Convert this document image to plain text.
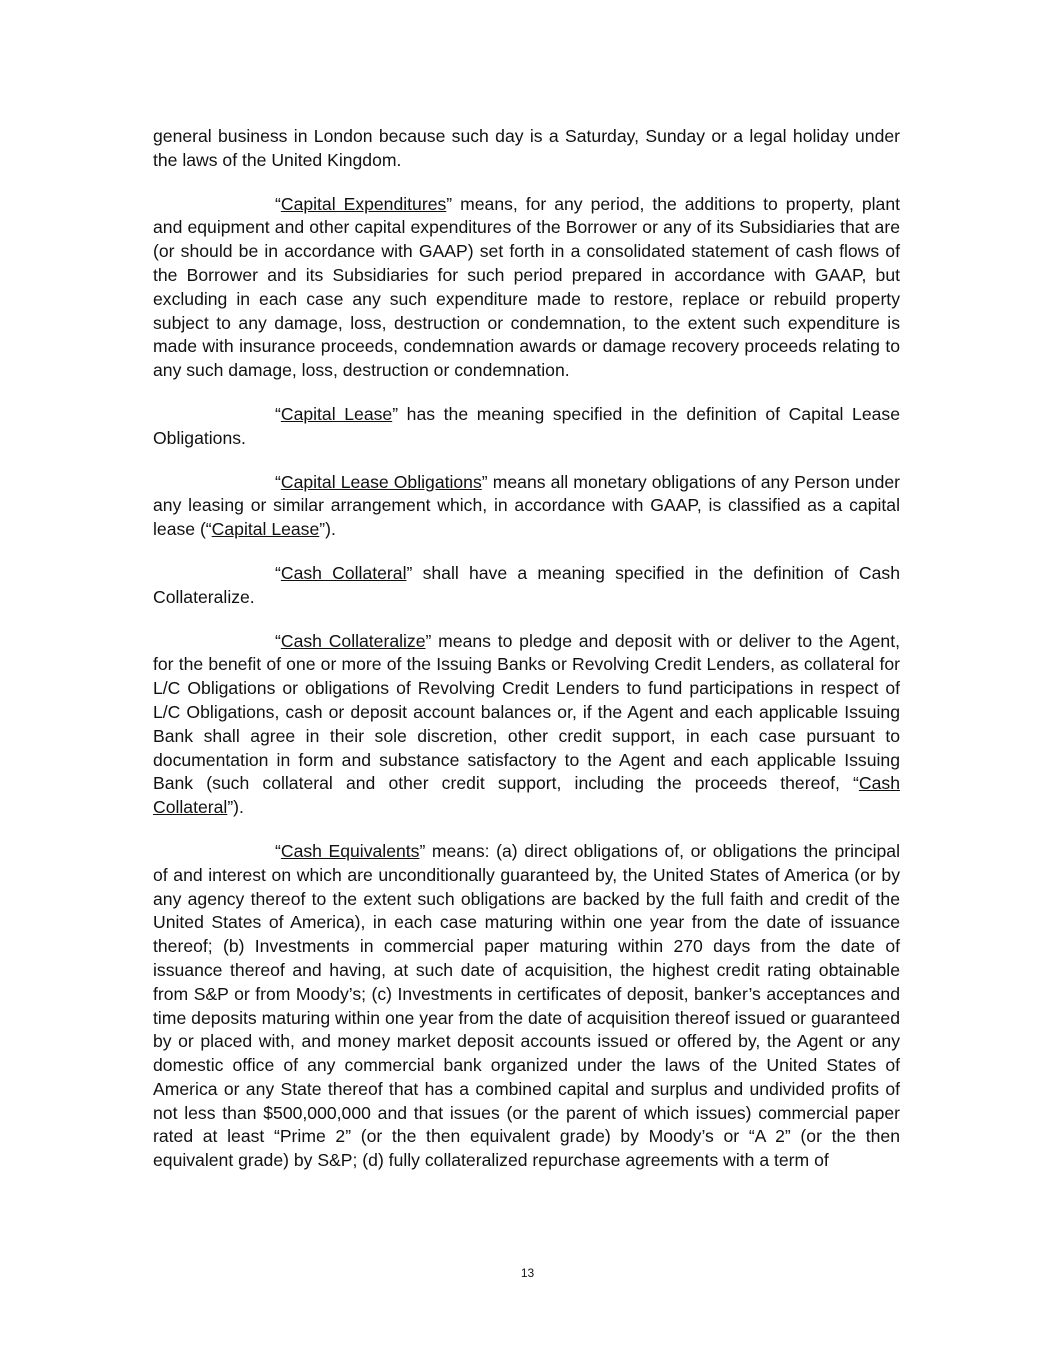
general business in London because such day is a Saturday, Sunday or a legal holiday under the laws of the United Kingdom.

“Capital Expenditures” means, for any period, the additions to property, plant and equipment and other capital expenditures of the Borrower or any of its Subsidiaries that are (or should be in accordance with GAAP) set forth in a consolidated statement of cash flows of the Borrower and its Subsidiaries for such period prepared in accordance with GAAP, but excluding in each case any such expenditure made to restore, replace or rebuild property subject to any damage, loss, destruction or condemnation, to the extent such expenditure is made with insurance proceeds, condemnation awards or damage recovery proceeds relating to any such damage, loss, destruction or condemnation.

“Capital Lease” has the meaning specified in the definition of Capital Lease Obligations.

“Capital Lease Obligations” means all monetary obligations of any Person under any leasing or similar arrangement which, in accordance with GAAP, is classified as a capital lease (“Capital Lease”).

“Cash Collateral” shall have a meaning specified in the definition of Cash Collateralize.

“Cash Collateralize” means to pledge and deposit with or deliver to the Agent, for the benefit of one or more of the Issuing Banks or Revolving Credit Lenders, as collateral for L/C Obligations or obligations of Revolving Credit Lenders to fund participations in respect of L/C Obligations, cash or deposit account balances or, if the Agent and each applicable Issuing Bank shall agree in their sole discretion, other credit support, in each case pursuant to documentation in form and substance satisfactory to the Agent and each applicable Issuing Bank (such collateral and other credit support, including the proceeds thereof, “Cash Collateral”).

“Cash Equivalents” means: (a) direct obligations of, or obligations the principal of and interest on which are unconditionally guaranteed by, the United States of America (or by any agency thereof to the extent such obligations are backed by the full faith and credit of the United States of America), in each case maturing within one year from the date of issuance thereof; (b) Investments in commercial paper maturing within 270 days from the date of issuance thereof and having, at such date of acquisition, the highest credit rating obtainable from S&P or from Moody’s; (c) Investments in certificates of deposit, banker’s acceptances and time deposits maturing within one year from the date of acquisition thereof issued or guaranteed by or placed with, and money market deposit accounts issued or offered by, the Agent or any domestic office of any commercial bank organized under the laws of the United States of America or any State thereof that has a combined capital and surplus and undivided profits of not less than $500,000,000 and that issues (or the parent of which issues) commercial paper rated at least “Prime 2” (or the then equivalent grade) by Moody’s or “A 2” (or the then equivalent grade) by S&P; (d) fully collateralized repurchase agreements with a term of

13
